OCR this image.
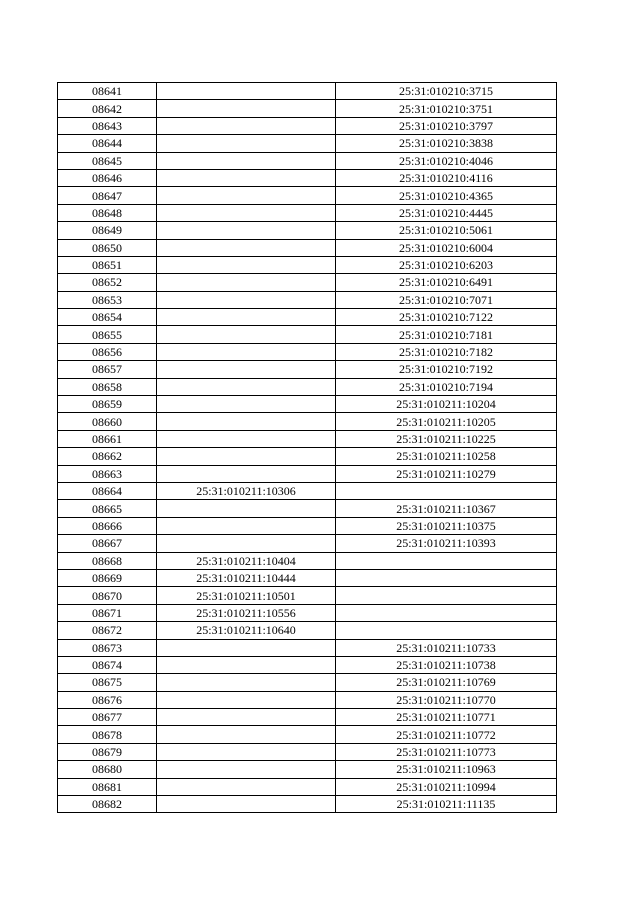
08641		25:31:010210:3715
08642		25:31:010210:3751
08643		25:31:010210:3797
08644		25:31:010210:3838
08645		25:31:010210:4046
08646		25:31:010210:4116
08647		25:31:010210:4365
08648		25:31:010210:4445
08649		25:31:010210:5061
08650		25:31:010210:6004
08651		25:31:010210:6203
08652		25:31:010210:6491
08653		25:31:010210:7071
08654		25:31:010210:7122
08655		25:31:010210:7181
08656		25:31:010210:7182
08657		25:31:010210:7192
08658		25:31:010210:7194
08659		25:31:010211:10204
08660		25:31:010211:10205
08661		25:31:010211:10225
08662		25:31:010211:10258
08663		25:31:010211:10279
08664	25:31:010211:10306	
08665		25:31:010211:10367
08666		25:31:010211:10375
08667		25:31:010211:10393
08668	25:31:010211:10404	
08669	25:31:010211:10444	
08670	25:31:010211:10501	
08671	25:31:010211:10556	
08672	25:31:010211:10640	
08673		25:31:010211:10733
08674		25:31:010211:10738
08675		25:31:010211:10769
08676		25:31:010211:10770
08677		25:31:010211:10771
08678		25:31:010211:10772
08679		25:31:010211:10773
08680		25:31:010211:10963
08681		25:31:010211:10994
08682		25:31:010211:11135
